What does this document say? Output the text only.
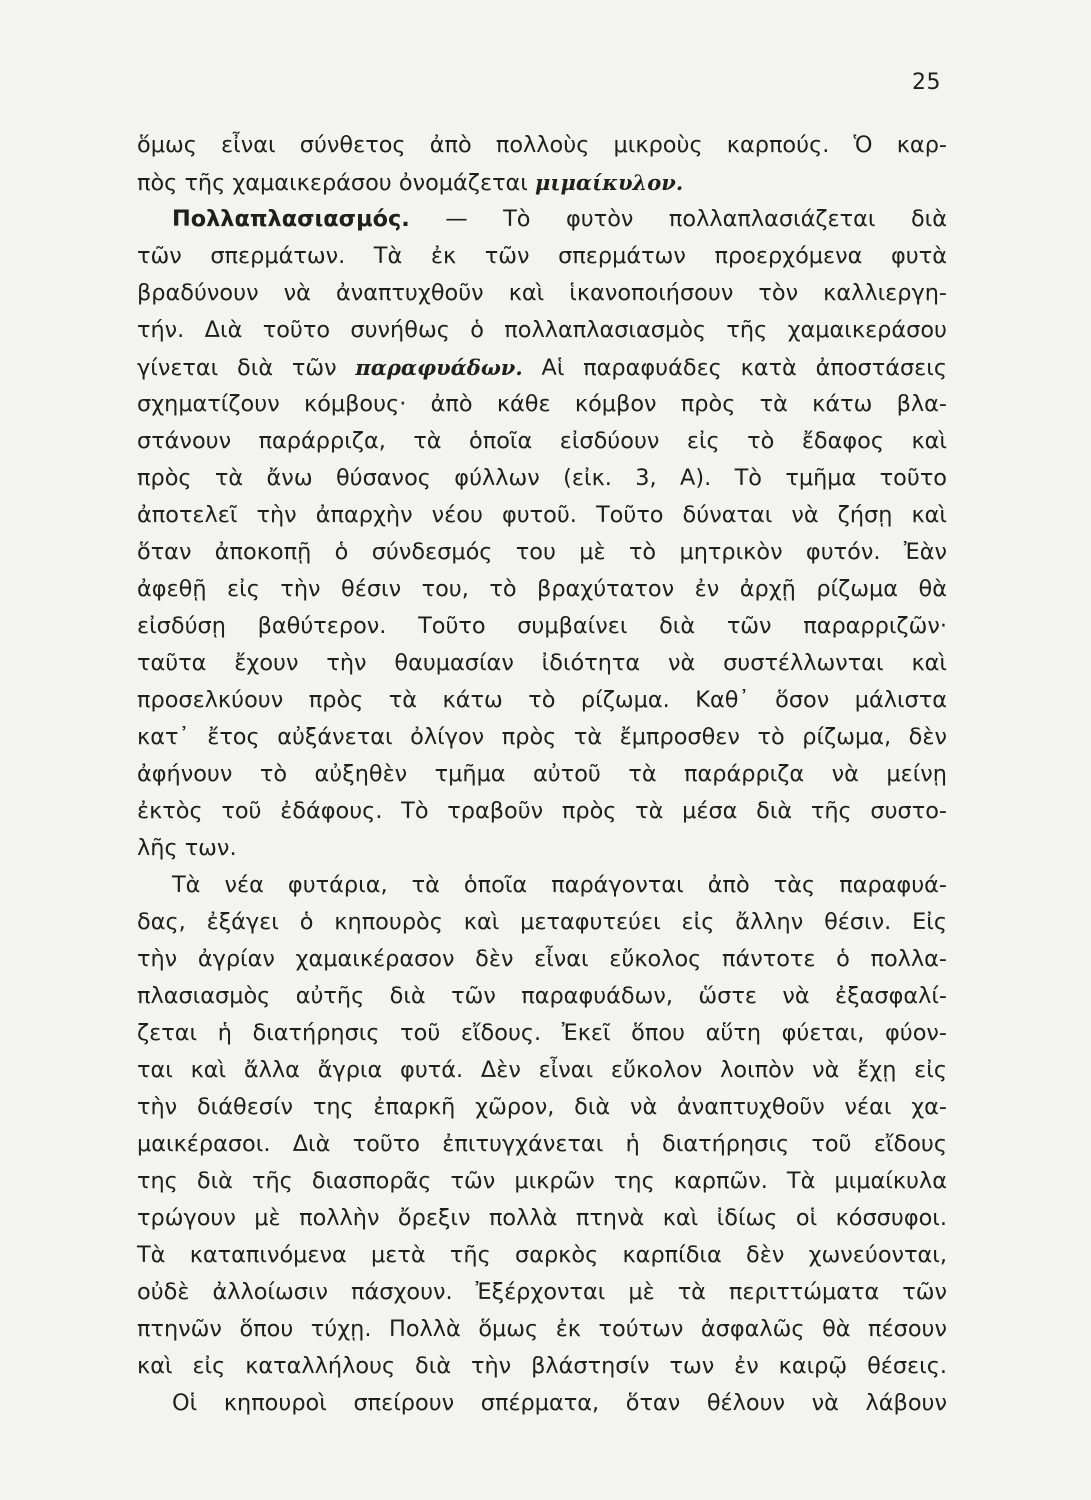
25
ὅμως εἶναι σύνθετος ἀπὸ πολλοὺς μικροὺς καρπούς. Ὁ καρ-
πὸς τῆς χαμαικεράσου ὀνομάζεται μιμαίκυλον.
Πολλαπλασιασμός. — Τὸ φυτὸν πολλαπλασιάζεται διὰ
τῶν σπερμάτων. Τὰ ἐκ τῶν σπερμάτων προερχόμενα φυτὰ
βραδύνουν νὰ ἀναπτυχθοῦν καὶ ἱκανοποιήσουν τὸν καλλιεργη-
τήν. Διὰ τοῦτο συνήθως ὁ πολλαπλασιασμὸς τῆς χαμαικεράσου
γίνεται διὰ τῶν παραφυάδων. Αἱ παραφυάδες κατὰ ἀποστάσεις
σχηματίζουν κόμβους· ἀπὸ κάθε κόμβον πρὸς τὰ κάτω βλα-
στάνουν παράρριζα, τὰ ὁποῖα εἰσδύουν εἰς τὸ ἔδαφος καὶ
πρὸς τὰ ἄνω θύσανος φύλλων (εἰκ. 3, Α). Τὸ τμῆμα τοῦτο
ἀποτελεῖ τὴν ἀπαρχὴν νέου φυτοῦ. Τοῦτο δύναται νὰ ζήσῃ καὶ
ὅταν ἀποκοπῇ ὁ σύνδεσμός του μὲ τὸ μητρικὸν φυτόν. Ἐὰν
ἀφεθῇ εἰς τὴν θέσιν του, τὸ βραχύτατον ἐν ἀρχῇ ρίζωμα θὰ
εἰσδύσῃ βαθύτερον. Τοῦτο συμβαίνει διὰ τῶν παραρριζῶν·
ταῦτα ἔχουν τὴν θαυμασίαν ἰδιότητα νὰ συστέλλωνται καὶ
προσελκύουν πρὸς τὰ κάτω τὸ ρίζωμα. Καθ᾽ ὅσον μάλιστα
κατ᾽ ἔτος αὐξάνεται ὀλίγον πρὸς τὰ ἔμπροσθεν τὸ ρίζωμα, δὲν
ἀφήνουν τὸ αὐξηθὲν τμῆμα αὐτοῦ τὰ παράρριζα νὰ μείνῃ
ἐκτὸς τοῦ ἐδάφους. Τὸ τραβοῦν πρὸς τὰ μέσα διὰ τῆς συστο-
λῆς των.
Τὰ νέα φυτάρια, τὰ ὁποῖα παράγονται ἀπὸ τὰς παραφυά-
δας, ἐξάγει ὁ κηπουρὸς καὶ μεταφυτεύει εἰς ἄλλην θέσιν. Εἰς
τὴν ἀγρίαν χαμαικέρασον δὲν εἶναι εὔκολος πάντοτε ὁ πολλα-
πλασιασμὸς αὐτῆς διὰ τῶν παραφυάδων, ὥστε νὰ ἐξασφαλί-
ζεται ἡ διατήρησις τοῦ εἴδους. Ἐκεῖ ὅπου αὕτη φύεται, φύον-
ται καὶ ἄλλα ἄγρια φυτά. Δὲν εἶναι εὔκολον λοιπὸν νὰ ἔχῃ εἰς
τὴν διάθεσίν της ἐπαρκῆ χῶρον, διὰ νὰ ἀναπτυχθοῦν νέαι χα-
μαικέρασοι. Διὰ τοῦτο ἐπιτυγχάνεται ἡ διατήρησις τοῦ εἴδους
της διὰ τῆς διασπορᾶς τῶν μικρῶν της καρπῶν. Τὰ μιμαίκυλα
τρώγουν μὲ πολλὴν ὄρεξιν πολλὰ πτηνὰ καὶ ἰδίως οἱ κόσσυφοι.
Τὰ καταπινόμενα μετὰ τῆς σαρκὸς καρπίδια δὲν χωνεύονται,
οὐδὲ ἀλλοίωσιν πάσχουν. Ἐξέρχονται μὲ τὰ περιττώματα τῶν
πτηνῶν ὅπου τύχῃ. Πολλὰ ὅμως ἐκ τούτων ἀσφαλῶς θὰ πέσουν
καὶ εἰς καταλλήλους διὰ τὴν βλάστησίν των ἐν καιρῷ θέσεις.
Οἱ κηπουροὶ σπείρουν σπέρματα, ὅταν θέλουν νὰ λάβουν
